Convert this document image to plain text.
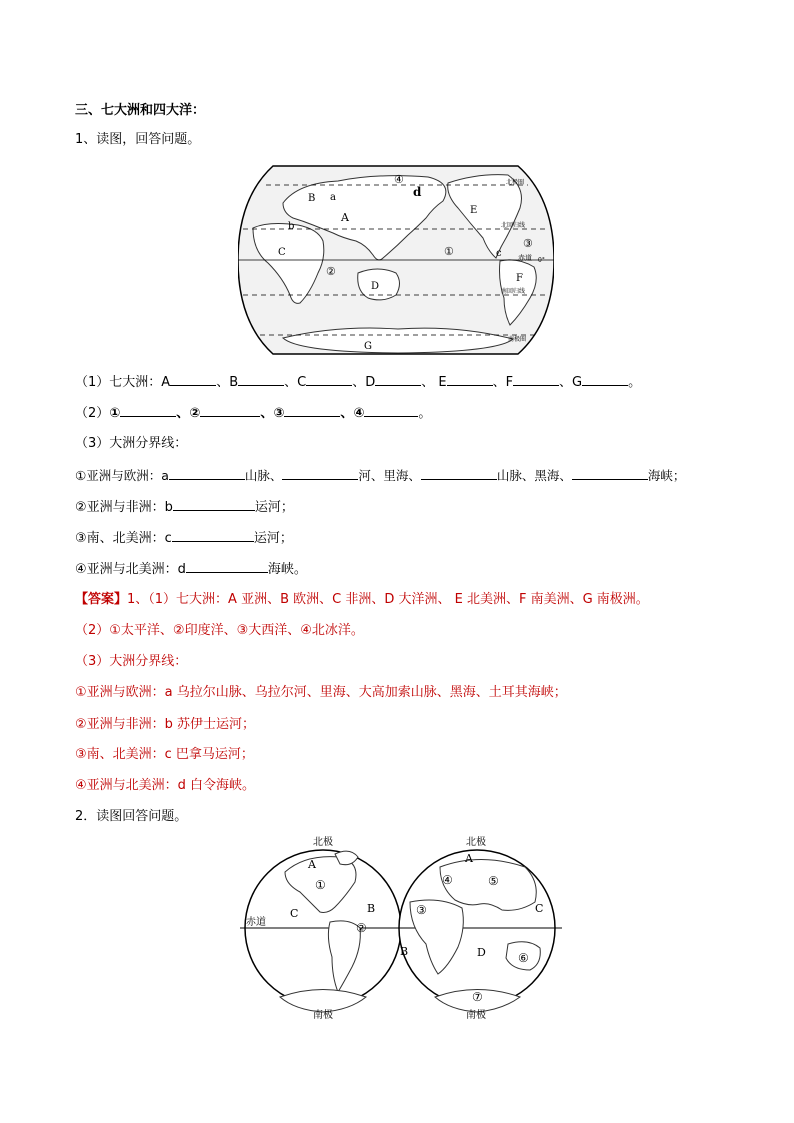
三、七大洲和四大洋：
1、读图，回答问题。
A
B
C
D
E
F
G
a
b
c
d
①
②
③
④
赤道 0°
北极圈
北回归线
南回归线
南极圈
（1）七大洲：A	、B	、C	、D	、 E	、F	、G	。
（2）①	、②	、③	、④	。
（3）大洲分界线：
①亚洲与欧洲：a	山脉、	河、里海、	山脉、黑海、	海峡；
②亚洲与非洲：b	运河；
③南、北美洲：c	运河；
④亚洲与北美洲：d	海峡。
【答案】1、（1）七大洲：A 亚洲、B 欧洲、C 非洲、D 大洋洲、 E 北美洲、F 南美洲、G 南极洲。
（2）①太平洋、②印度洋、③大西洋、④北冰洋。
（3）大洲分界线：
①亚洲与欧洲：a 乌拉尔山脉、乌拉尔河、里海、大高加索山脉、黑海、土耳其海峡；
②亚洲与非洲：b 苏伊士运河；
③南、北美洲：c 巴拿马运河；
④亚洲与北美洲：d 白令海峡。
2．读图回答问题。
北极	北极
南极	南极
赤道
A	A
B
B
C	C
D
①
②
③
④	⑤
⑥
⑦
